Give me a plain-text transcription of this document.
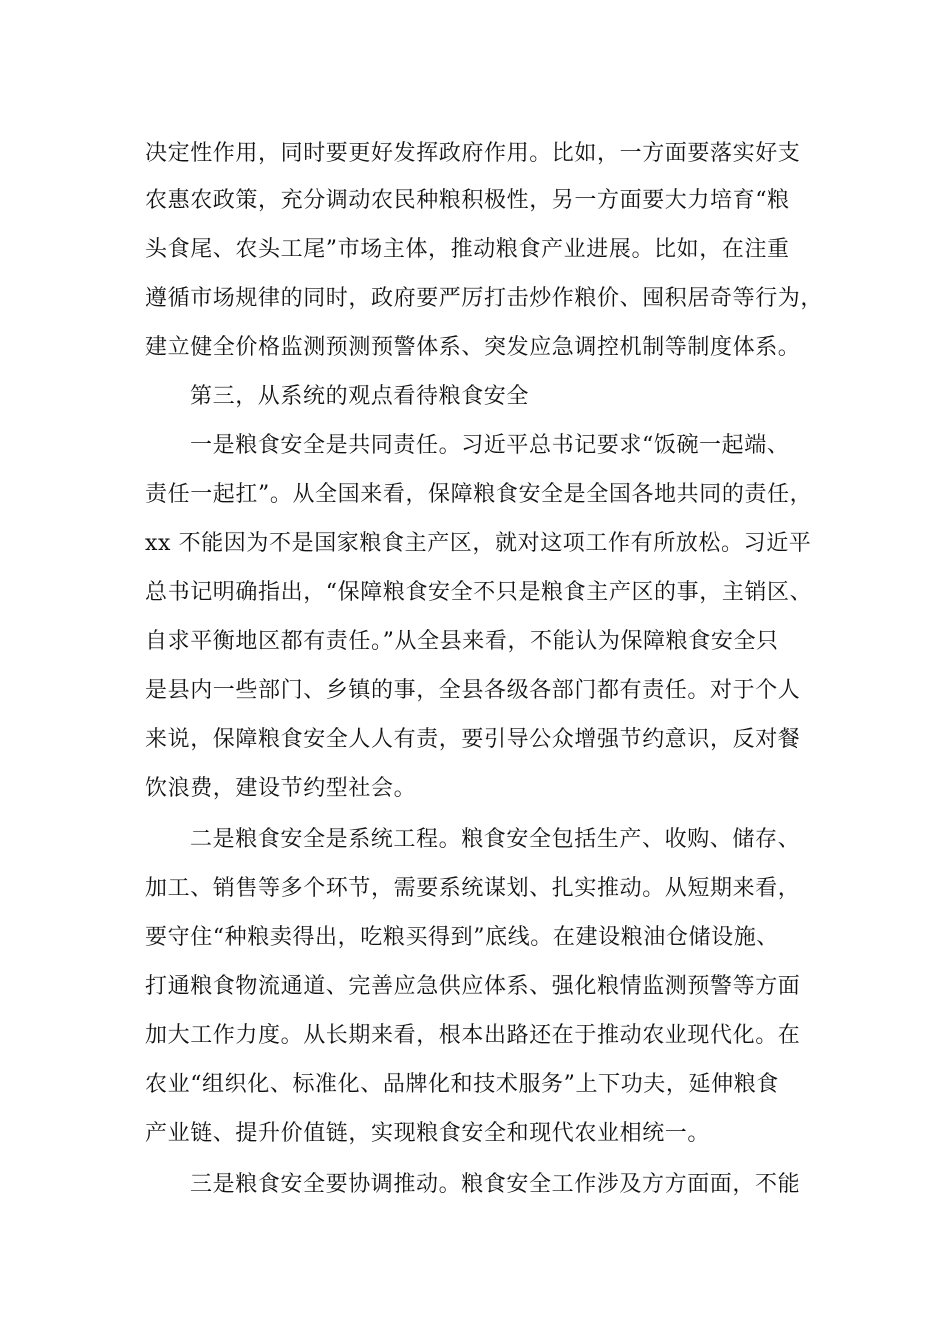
决定性作用，同时要更好发挥政府作用。比如，一方面要落实好支
农惠农政策，充分调动农民种粮积极性，另一方面要大力培育“粮
头食尾、农头工尾”市场主体，推动粮食产业进展。比如，在注重
遵循市场规律的同时，政府要严厉打击炒作粮价、囤积居奇等行为，
建立健全价格监测预测预警体系、突发应急调控机制等制度体系。
第三，从系统的观点看待粮食安全
一是粮食安全是共同责任。习近平总书记要求“饭碗一起端、
责任一起扛”。从全国来看，保障粮食安全是全国各地共同的责任，
xx 不能因为不是国家粮食主产区，就对这项工作有所放松。习近平
总书记明确指出，“保障粮食安全不只是粮食主产区的事，主销区、
自求平衡地区都有责任。”从全县来看，不能认为保障粮食安全只
是县内一些部门、乡镇的事，全县各级各部门都有责任。对于个人
来说，保障粮食安全人人有责，要引导公众增强节约意识，反对餐
饮浪费，建设节约型社会。
二是粮食安全是系统工程。粮食安全包括生产、收购、储存、
加工、销售等多个环节，需要系统谋划、扎实推动。从短期来看，
要守住“种粮卖得出，吃粮买得到”底线。在建设粮油仓储设施、
打通粮食物流通道、完善应急供应体系、强化粮情监测预警等方面
加大工作力度。从长期来看，根本出路还在于推动农业现代化。在
农业“组织化、标准化、品牌化和技术服务”上下功夫，延伸粮食
产业链、提升价值链，实现粮食安全和现代农业相统一。
三是粮食安全要协调推动。粮食安全工作涉及方方面面，不能
